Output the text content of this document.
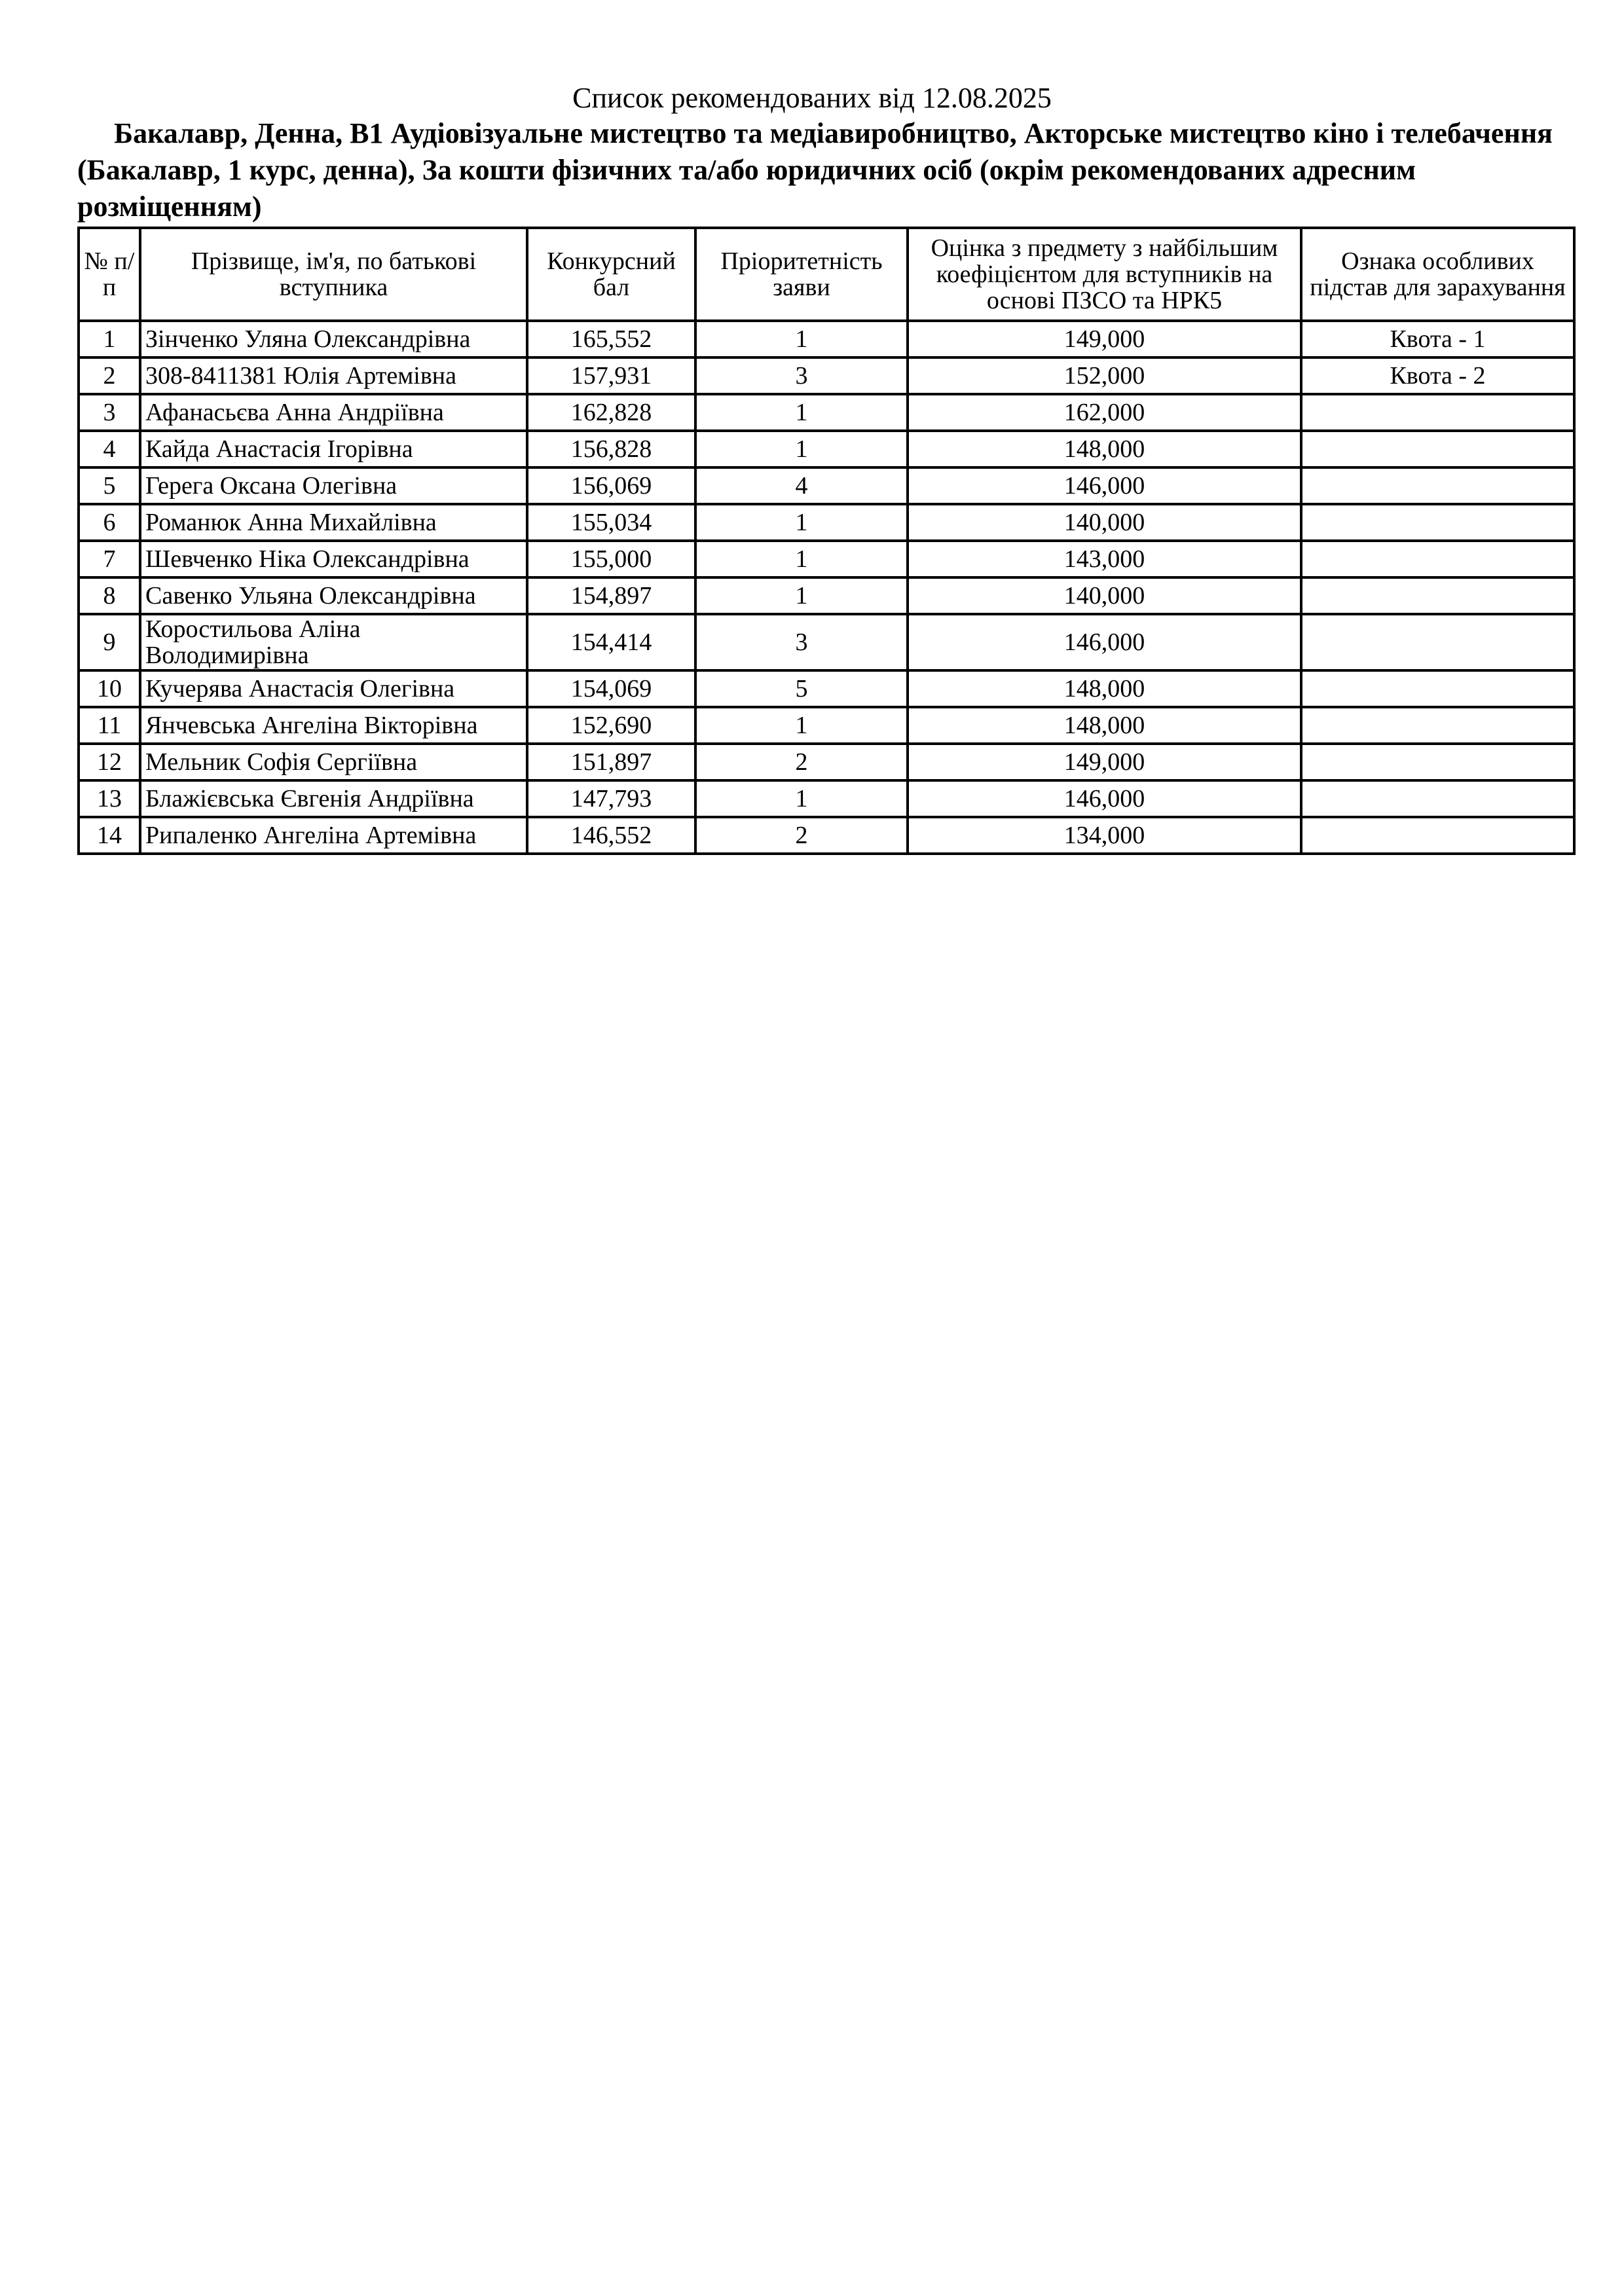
Список рекомендованих від 12.08.2025
Бакалавр, Денна, B1 Аудіовізуальне мистецтво та медіавиробництво, Акторське мистецтво кіно і телебачення (Бакалавр, 1 курс, денна), За кошти фізичних та/або юридичних осіб (окрім рекомендованих адресним розміщенням)
№ п/п	Прізвище, ім'я, по батькові вступника	Конкурсний бал	Пріоритетність заяви	Оцінка з предмету з найбільшим коефіцієнтом для вступників на основі ПЗСО та НРК5	Ознака особливих підстав для зарахування
1	Зінченко Уляна Олександрівна	165,552	1	149,000	Квота - 1
2	308-8411381 Юлія Артемівна	157,931	3	152,000	Квота - 2
3	Афанасьєва Анна Андріївна	162,828	1	162,000	
4	Кайда Анастасія Ігорівна	156,828	1	148,000	
5	Герега Оксана Олегівна	156,069	4	146,000	
6	Романюк Анна Михайлівна	155,034	1	140,000	
7	Шевченко Ніка Олександрівна	155,000	1	143,000	
8	Савенко Ульяна Олександрівна	154,897	1	140,000	
9	Коростильова Аліна Володимирівна	154,414	3	146,000	
10	Кучерява Анастасія Олегівна	154,069	5	148,000	
11	Янчевська Ангеліна Вікторівна	152,690	1	148,000	
12	Мельник Софія Сергіївна	151,897	2	149,000	
13	Блажієвська Євгенія Андріївна	147,793	1	146,000	
14	Рипаленко Ангеліна Артемівна	146,552	2	134,000	
